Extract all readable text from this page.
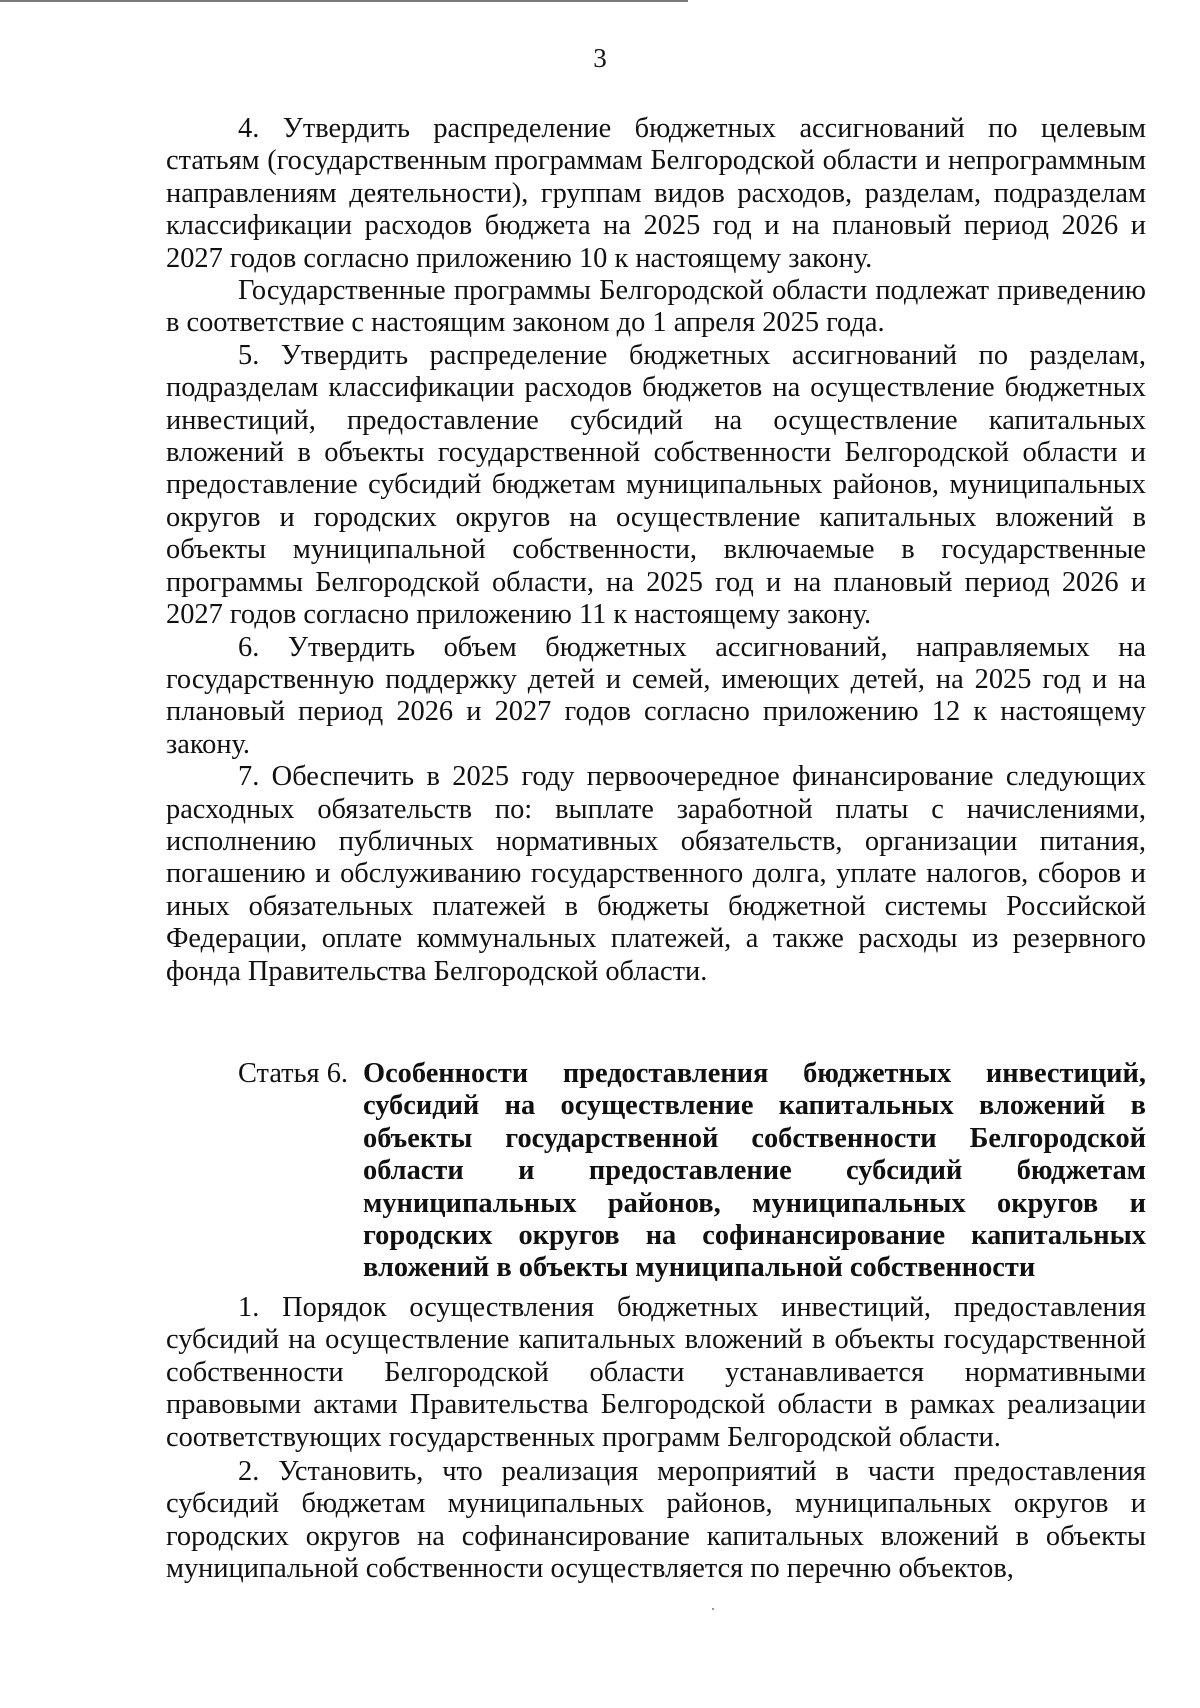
3

4. Утвердить распределение бюджетных ассигнований по целевым статьям (государственным программам Белгородской области и непрограммным направлениям деятельности), группам видов расходов, разделам, подразделам классификации расходов бюджета на 2025 год и на плановый период 2026 и 2027 годов согласно приложению 10 к настоящему закону.

Государственные программы Белгородской области подлежат приведению в соответствие с настоящим законом до 1 апреля 2025 года.

5. Утвердить распределение бюджетных ассигнований по разделам, подразделам классификации расходов бюджетов на осуществление бюджетных инвестиций, предоставление субсидий на осуществление капитальных вложений в объекты государственной собственности Белгородской области и предоставление субсидий бюджетам муниципальных районов, муниципальных округов и городских округов на осуществление капитальных вложений в объекты муниципальной собственности, включаемые в государственные программы Белгородской области, на 2025 год и на плановый период 2026 и 2027 годов согласно приложению 11 к настоящему закону.

6. Утвердить объем бюджетных ассигнований, направляемых на государственную поддержку детей и семей, имеющих детей, на 2025 год и на плановый период 2026 и 2027 годов согласно приложению 12 к настоящему закону.

7. Обеспечить в 2025 году первоочередное финансирование следующих расходных обязательств по: выплате заработной платы с начислениями, исполнению публичных нормативных обязательств, организации питания, погашению и обслуживанию государственного долга, уплате налогов, сборов и иных обязательных платежей в бюджеты бюджетной системы Российской Федерации, оплате коммунальных платежей, а также расходы из резервного фонда Правительства Белгородской области.

Статья 6. Особенности предоставления бюджетных инвестиций, субсидий на осуществление капитальных вложений в объекты государственной собственности Белгородской области и предоставление субсидий бюджетам муниципальных районов, муниципальных округов и городских округов на софинансирование капитальных вложений в объекты муниципальной собственности

1. Порядок осуществления бюджетных инвестиций, предоставления субсидий на осуществление капитальных вложений в объекты государственной собственности Белгородской области устанавливается нормативными правовыми актами Правительства Белгородской области в рамках реализации соответствующих государственных программ Белгородской области.

2. Установить, что реализация мероприятий в части предоставления субсидий бюджетам муниципальных районов, муниципальных округов и городских округов на софинансирование капитальных вложений в объекты муниципальной собственности осуществляется по перечню объектов,
